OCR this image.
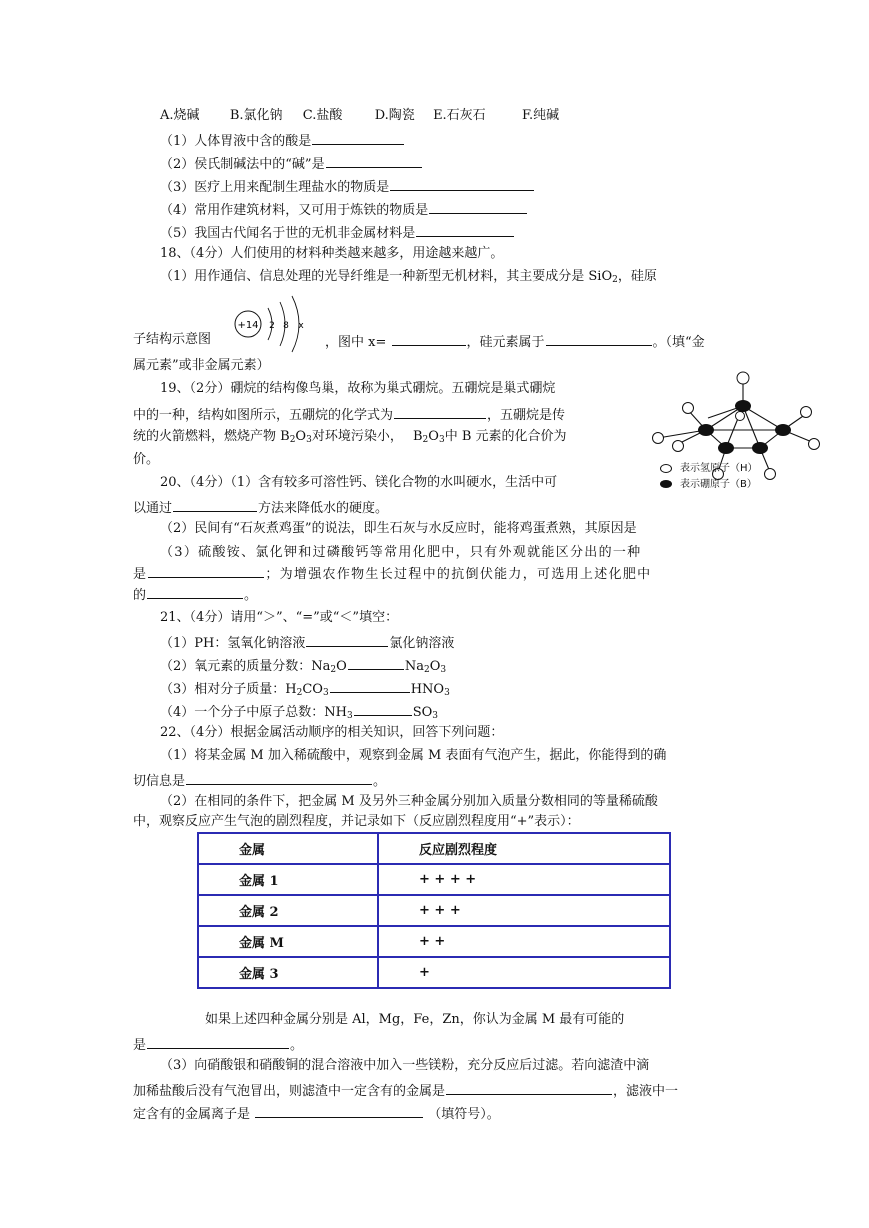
A.烧碱 B.氯化钠 C.盐酸 D.陶瓷 E.石灰石	F.纯碱
（1）人体胃液中含的酸是
（2）侯氏制碱法中的“碱”是
（3）医疗上用来配制生理盐水的物质是
（4）常用作建筑材料，又可用于炼铁的物质是
（5）我国古代闻名于世的无机非金属材料是
18、（4分）人们使用的材料种类越来越多，用途越来越广。
（1）用作通信、信息处理的光导纤维是一种新型无机材料，其主要成分是 SiO$_2$，硅原
子结构示意图
+14 2 8 x
，图中 x=	，硅元素属于	。（填“金
属元素”或非金属元素）
19、（2分）硼烷的结构像鸟巢，故称为巢式硼烷。五硼烷是巢式硼烷
中的一种，结构如图所示，五硼烷的化学式为	，五硼烷是传
统的火箭燃料，燃烧产物 $B_2O_3$对环境污染小， $B_2O_3$中 B 元素的化合价为
价。
表示氢原子（H）
表示硼原子（B）
20、（4分）（1）含有较多可溶性钙、镁化合物的水叫硬水，生活中可
以通过	方法来降低水的硬度。
（2）民间有“石灰煮鸡蛋”的说法，即生石灰与水反应时，能将鸡蛋煮熟，其原因是
（3）硫酸铵、氯化钾和过磷酸钙等常用化肥中，只有外观就能区分出的一种
是	；为增强农作物生长过程中的抗倒伏能力，可选用上述化肥中
的	。
21、（4分）请用“＞”、“=”或“＜”填空：
（1）PH：氢氧化钠溶液	氯化钠溶液
（2）氧元素的质量分数：$Na_2O$	$Na_2O_3$
（3）相对分子质量：$H_2CO_3$	$HNO_3$
（4）一个分子中原子总数：$NH_3$	$SO_3$
22、（4分）根据金属活动顺序的相关知识，回答下列问题：
（1）将某金属 M 加入稀硫酸中，观察到金属 M 表面有气泡产生，据此，你能得到的确
切信息是	。
（2）在相同的条件下，把金属 M 及另外三种金属分别加入质量分数相同的等量稀硫酸
中，观察反应产生气泡的剧烈程度，并记录如下（反应剧烈程度用“+”表示）：
金属	反应剧烈程度
金属 1	+ + + +
金属 2	+ + +
金属 M	+ +
金属 3	+
如果上述四种金属分别是 Al，Mg，Fe，Zn，你认为金属 M 最有可能的
是	。
（3）向硝酸银和硝酸铜的混合溶液中加入一些镁粉，充分反应后过滤。若向滤渣中滴
加稀盐酸后没有气泡冒出，则滤渣中一定含有的金属是	，滤液中一
定含有的金属离子是	（填符号）。
